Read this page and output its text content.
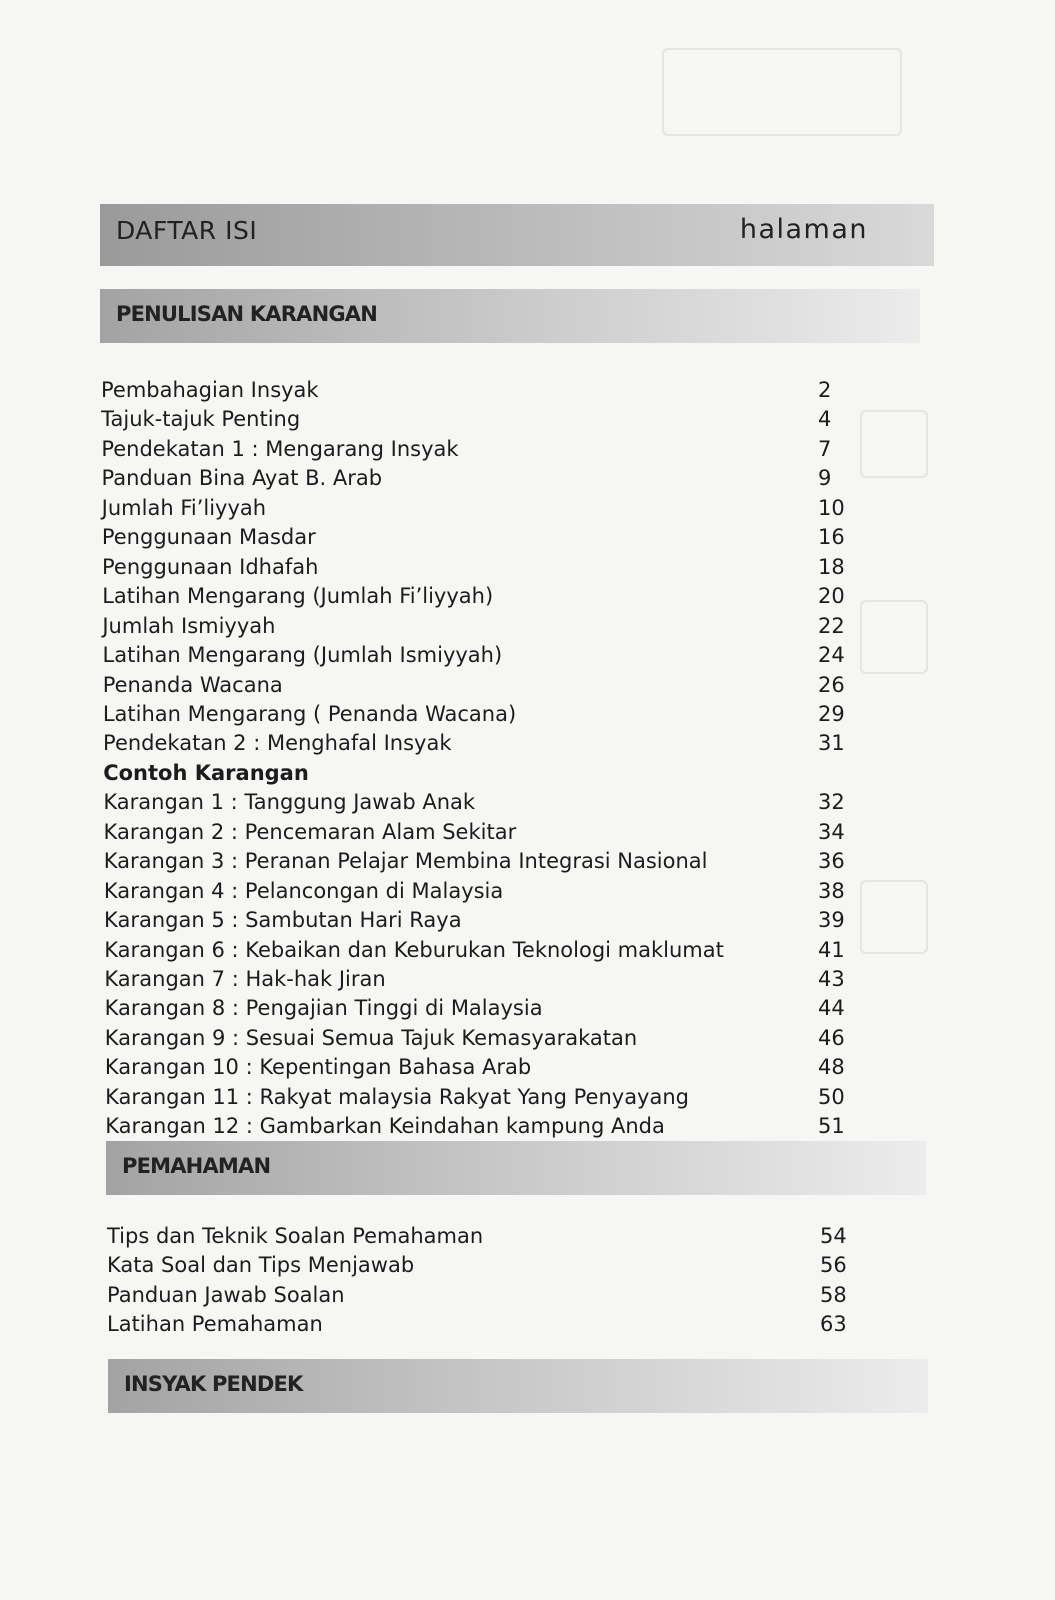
DAFTAR ISI	halaman
PENULISAN KARANGAN
Pembahagian Insyak	2
Tajuk-tajuk Penting	4
Pendekatan 1 : Mengarang Insyak	7
Panduan Bina Ayat B. Arab	9
Jumlah Fi’liyyah	10
Penggunaan Masdar	16
Penggunaan Idhafah	18
Latihan Mengarang (Jumlah Fi’liyyah)	20
Jumlah Ismiyyah	22
Latihan Mengarang (Jumlah Ismiyyah)	24
Penanda Wacana	26
Latihan Mengarang ( Penanda Wacana)	29
Pendekatan 2 : Menghafal Insyak	31
Contoh Karangan
Karangan 1 : Tanggung Jawab Anak	32
Karangan 2 : Pencemaran Alam Sekitar	34
Karangan 3 : Peranan Pelajar Membina Integrasi Nasional	36
Karangan 4 : Pelancongan di Malaysia	38
Karangan 5 : Sambutan Hari Raya	39
Karangan 6 : Kebaikan dan Keburukan Teknologi maklumat	41
Karangan 7 : Hak-hak Jiran	43
Karangan 8 : Pengajian Tinggi di Malaysia	44
Karangan 9 : Sesuai Semua Tajuk Kemasyarakatan	46
Karangan 10 : Kepentingan Bahasa Arab	48
Karangan 11 : Rakyat malaysia Rakyat Yang Penyayang	50
Karangan 12 : Gambarkan Keindahan kampung Anda	51
PEMAHAMAN
Tips dan Teknik Soalan Pemahaman	54
Kata Soal dan Tips Menjawab	56
Panduan Jawab Soalan	58
Latihan Pemahaman	63
INSYAK PENDEK
